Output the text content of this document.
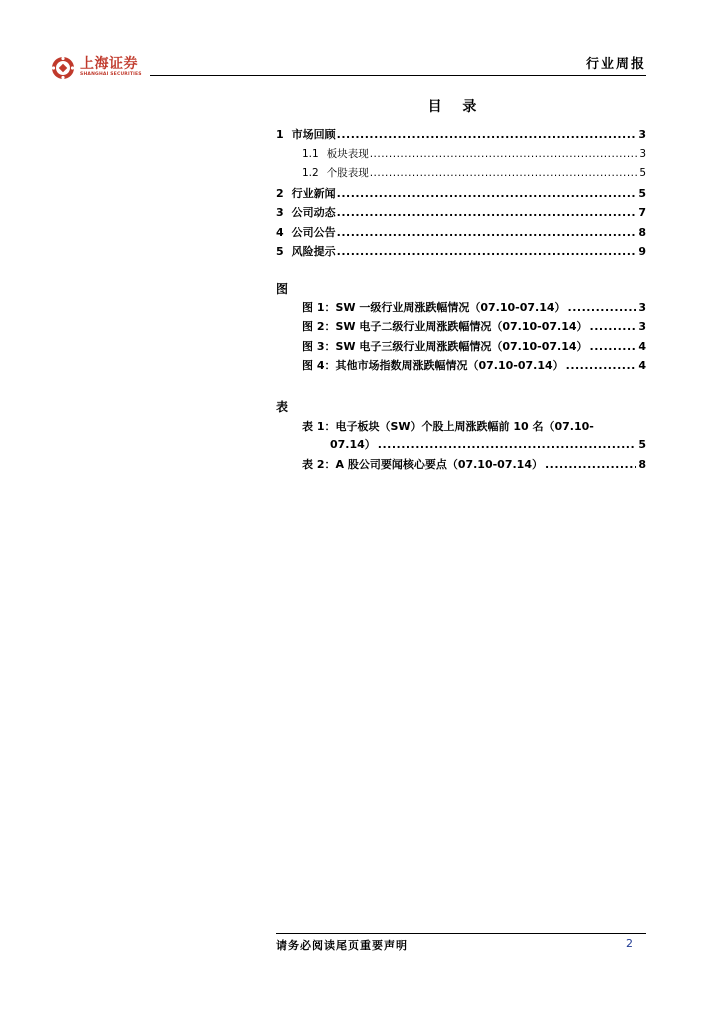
上海证券
SHANGHAI SECURITIES
行业周报
目 录
1 市场回顾 .....	3
1.1 板块表现 .....	3
1.2 个股表现 .....	5
2 行业新闻 .....	5
3 公司动态 .....	7
4 公司公告 .....	8
5 风险提示 .....	9
图
图 1：SW 一级行业周涨跌幅情况（07.10-07.14） .....	3
图 2：SW 电子二级行业周涨跌幅情况（07.10-07.14） .....	3
图 3：SW 电子三级行业周涨跌幅情况（07.10-07.14） .....	4
图 4：其他市场指数周涨跌幅情况（07.10-07.14） .....	4
表
表 1：电子板块（SW）个股上周涨跌幅前 10 名（07.10-
07.14） .....	5
表 2：A 股公司要闻核心要点（07.10-07.14） .....	8
请务必阅读尾页重要声明	2
